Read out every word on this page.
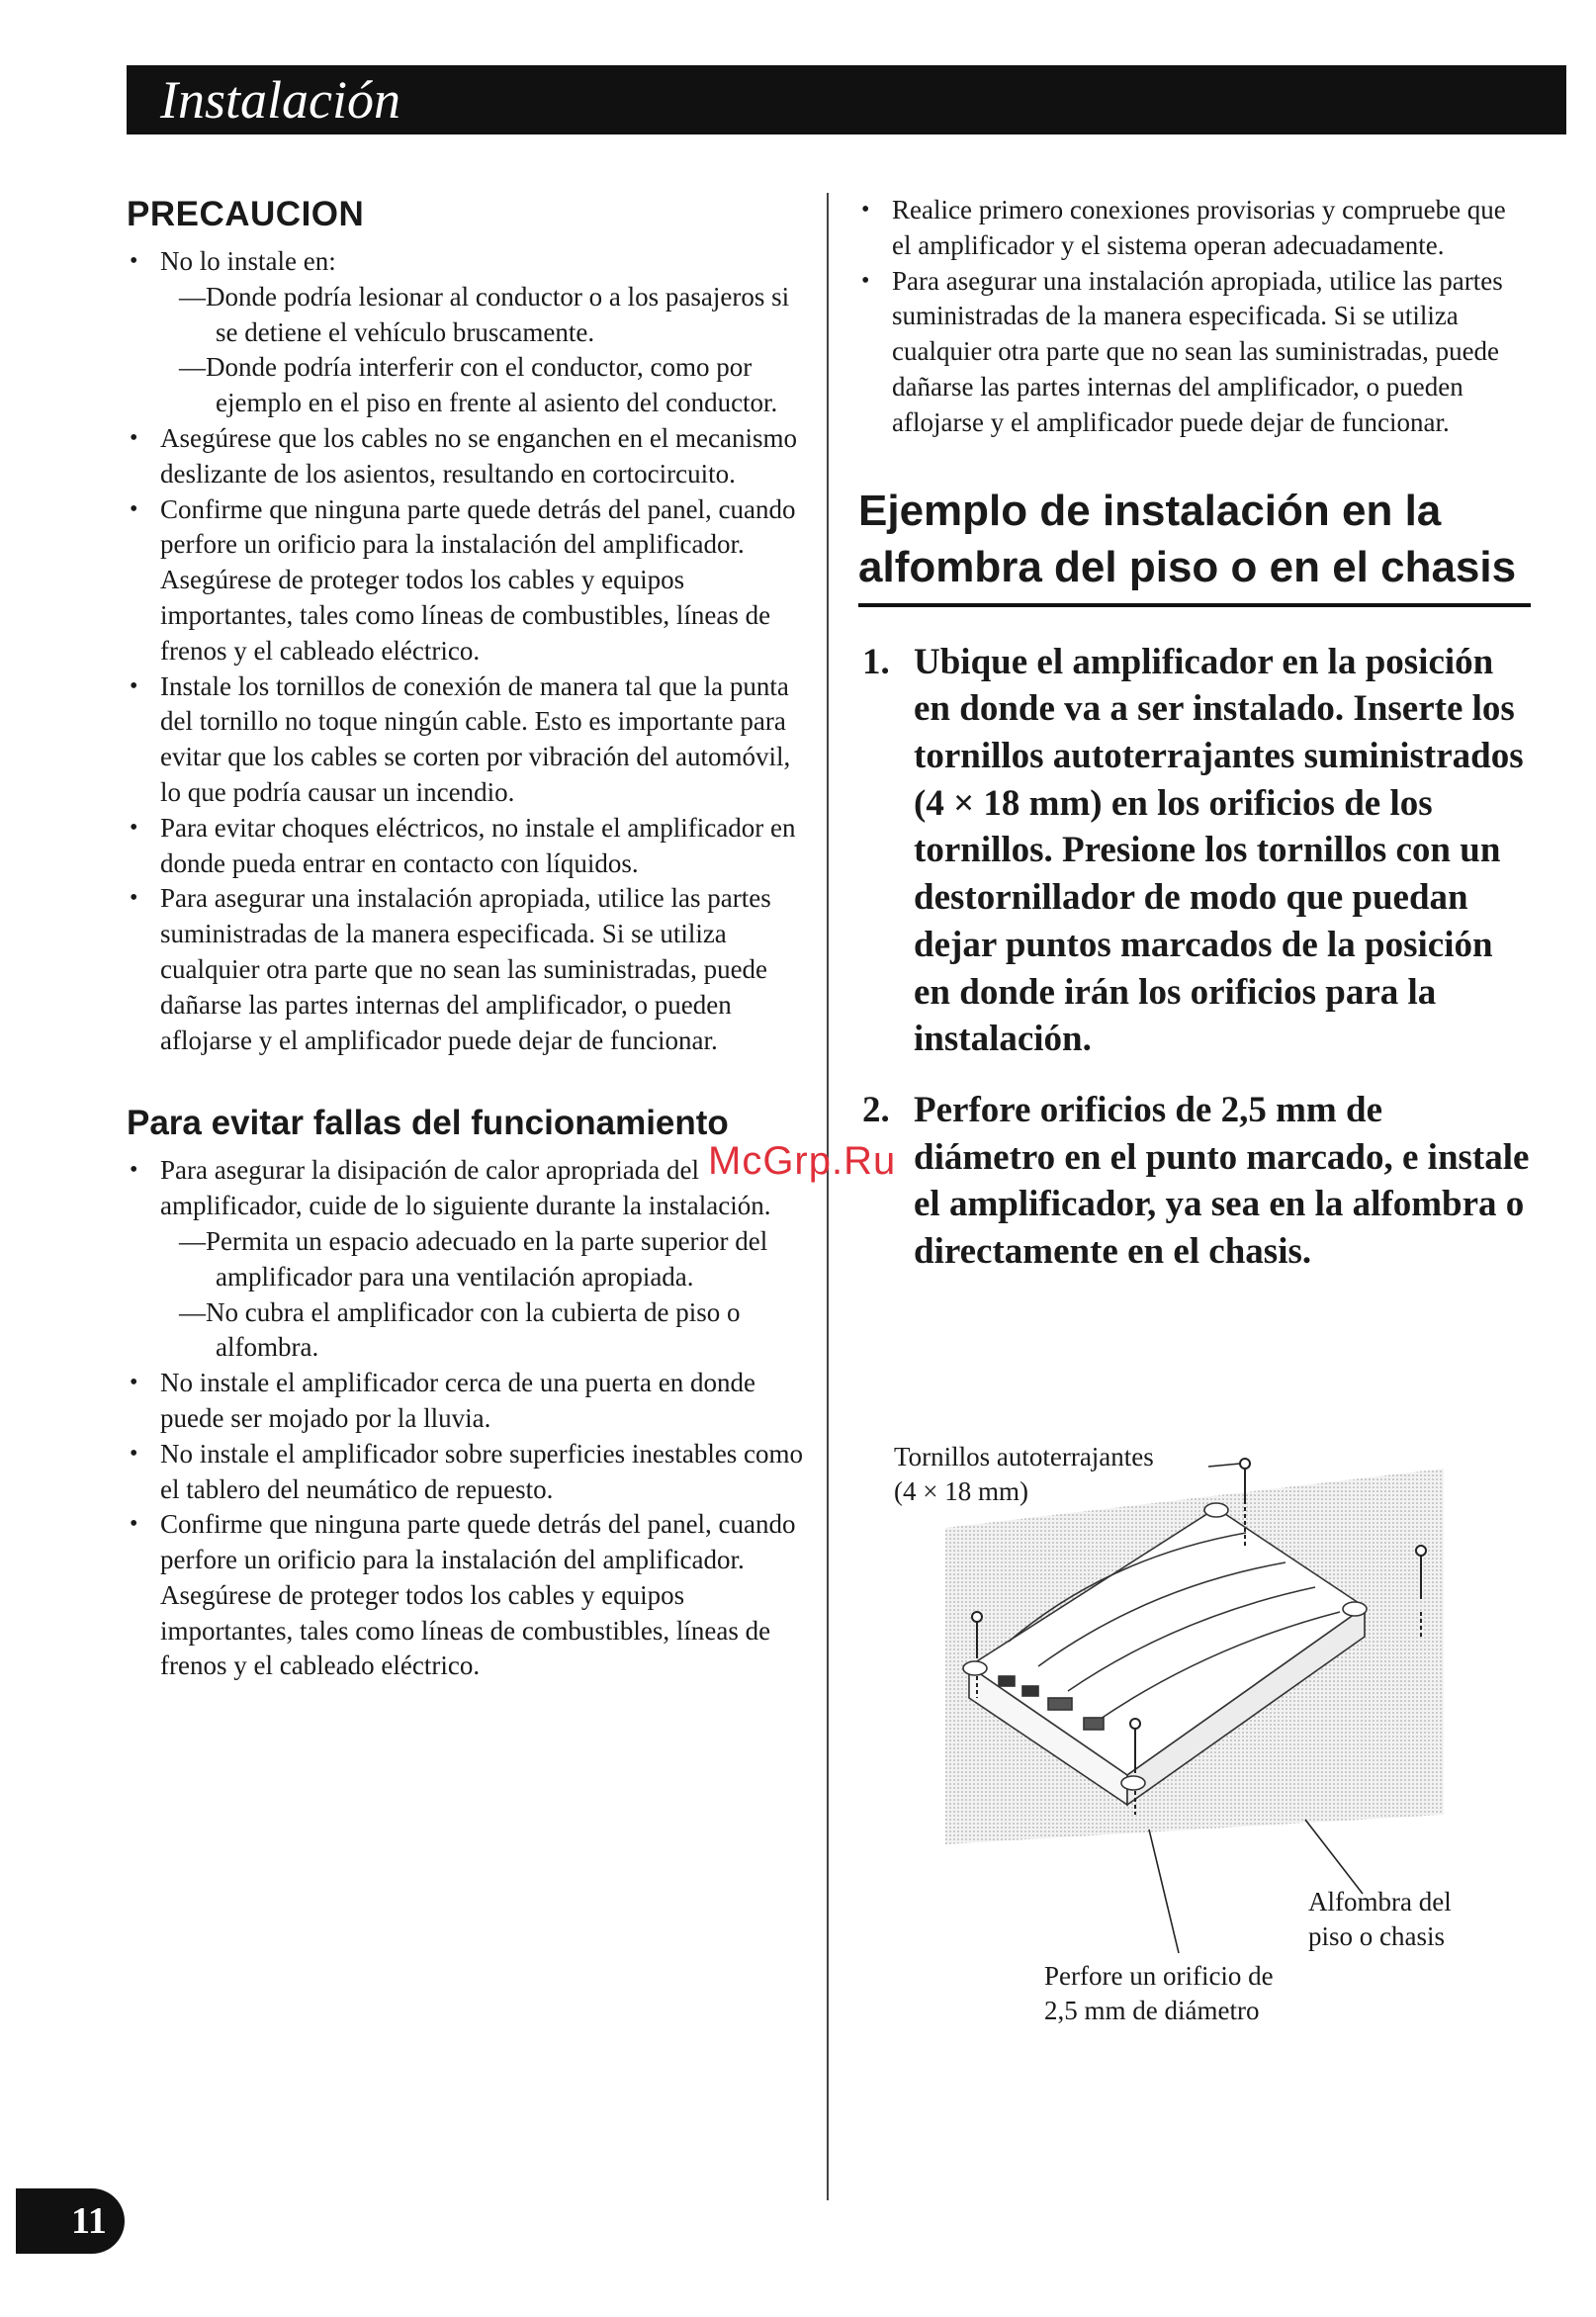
Instalación
PRECAUCION
• No lo instale en:
—Donde podría lesionar al conductor o a los pasajeros si se detiene el vehículo bruscamente.
—Donde podría interferir con el conductor, como por ejemplo en el piso en frente al asiento del conductor.
• Asegúrese que los cables no se enganchen en el mecanismo deslizante de los asientos, resultando en cortocircuito.
• Confirme que ninguna parte quede detrás del panel, cuando perfore un orificio para la instalación del amplificador. Asegúrese de proteger todos los cables y equipos importantes, tales como líneas de combustibles, líneas de frenos y el cableado eléctrico.
• Instale los tornillos de conexión de manera tal que la punta del tornillo no toque ningún cable. Esto es importante para evitar que los cables se corten por vibración del automóvil, lo que podría causar un incendio.
• Para evitar choques eléctricos, no instale el amplificador en donde pueda entrar en contacto con líquidos.
• Para asegurar una instalación apropiada, utilice las partes suministradas de la manera especificada. Si se utiliza cualquier otra parte que no sean las suministradas, puede dañarse las partes internas del amplificador, o pueden aflojarse y el amplificador puede dejar de funcionar.
Para evitar fallas del funcionamiento
• Para asegurar la disipación de calor apropriada del amplificador, cuide de lo siguiente durante la instalación.
—Permita un espacio adecuado en la parte superior del amplificador para una ventilación apropiada.
—No cubra el amplificador con la cubierta de piso o alfombra.
• No instale el amplificador cerca de una puerta en donde puede ser mojado por la lluvia.
• No instale el amplificador sobre superficies inestables como el tablero del neumático de repuesto.
• Confirme que ninguna parte quede detrás del panel, cuando perfore un orificio para la instalación del amplificador. Asegúrese de proteger todos los cables y equipos importantes, tales como líneas de combustibles, líneas de frenos y el cableado eléctrico.
• Realice primero conexiones provisorias y compruebe que el amplificador y el sistema operan adecuadamente.
• Para asegurar una instalación apropiada, utilice las partes suministradas de la manera especificada. Si se utiliza cualquier otra parte que no sean las suministradas, puede dañarse las partes internas del amplificador, o pueden aflojarse y el amplificador puede dejar de funcionar.
Ejemplo de instalación en la
alfombra del piso o en el chasis
1. Ubique el amplificador en la posición en donde va a ser instalado. Inserte los tornillos autoterrajantes suministrados (4 × 18 mm) en los orificios de los tornillos. Presione los tornillos con un destornillador de modo que puedan dejar puntos marcados de la posición en donde irán los orificios para la instalación.
2. Perfore orificios de 2,5 mm de diámetro en el punto marcado, e instale el amplificador, ya sea en la alfombra o directamente en el chasis.
Tornillos autoterrajantes
(4 × 18 mm)
Alfombra del
piso o chasis
Perfore un orificio de
2,5 mm de diámetro
McGrp.Ru
11
